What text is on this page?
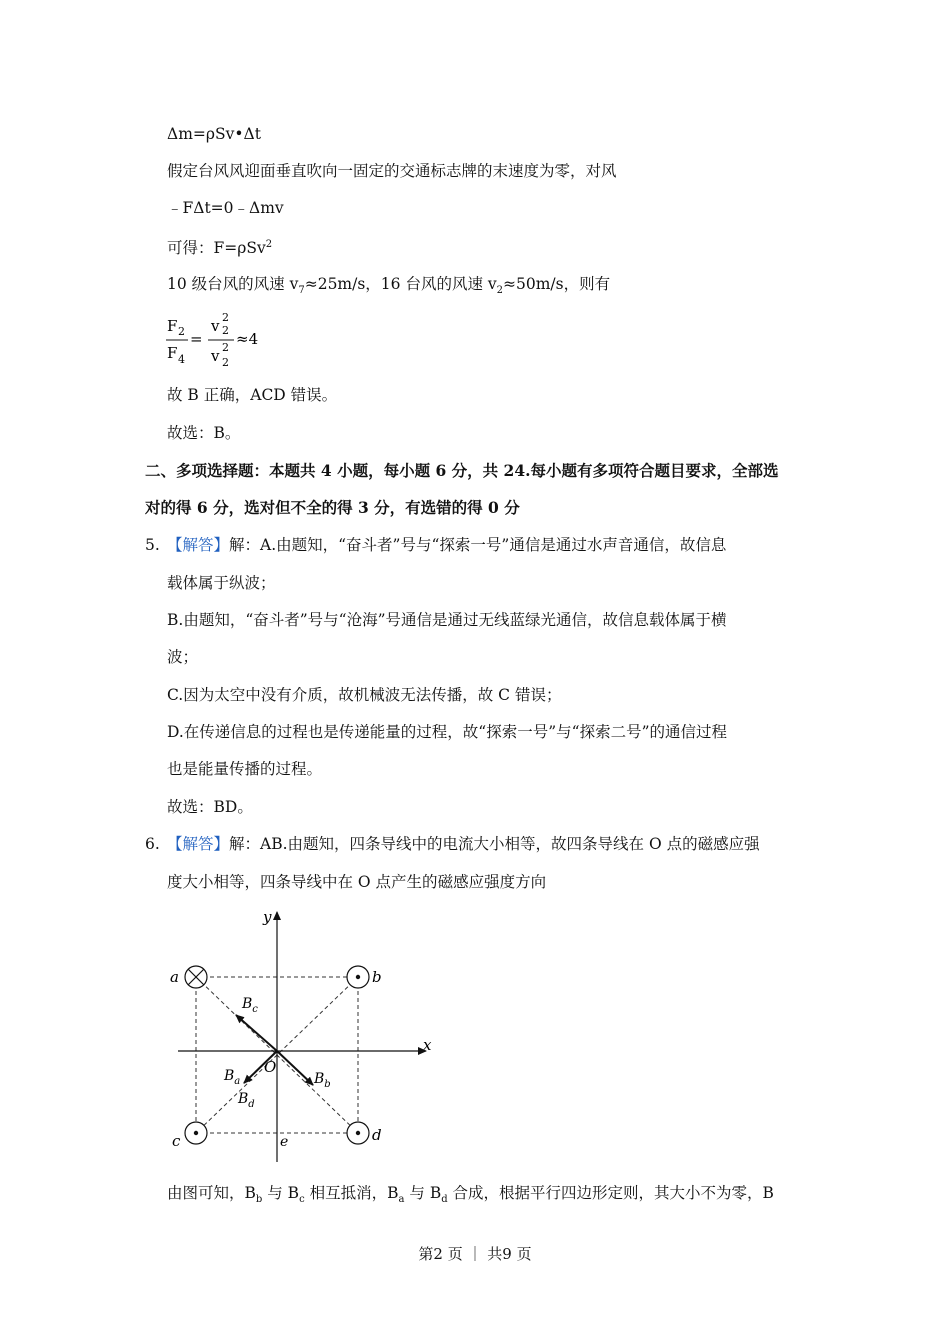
Δm=ρSv•Δt
假定台风风迎面垂直吹向一固定的交通标志牌的末速度为零，对风
﹣FΔt=0﹣Δmv
可得：F=ρSv$^2$
10 级台风的风速 $v_7\approx 25m/s$，16 台风的风速 $v_2\approx 50m/s$，则有
F 2
F 4
=
v 2
2
v 2
2
≈4
故 B 正确，ACD 错误。
故选：B。
二、多项选择题：本题共 4 小题，每小题 6 分，共 24.每小题有多项符合题目要求，全部选
对的得 6 分，选对但不全的得 3 分，有选错的得 0 分
5. 【解答】解：A.由题知，“奋斗者”号与“探索一号”通信是通过水声音通信，故信息
载体属于纵波；
B.由题知，“奋斗者”号与“沧海”号通信是通过无线蓝绿光通信，故信息载体属于横
波；
C.因为太空中没有介质，故机械波无法传播，故 C 错误；
D.在传递信息的过程也是传递能量的过程，故“探索一号”与“探索二号”的通信过程
也是能量传播的过程。
故选：BD。
6. 【解答】解：AB.由题知，四条导线中的电流大小相等，故四条导线在 O 点的磁感应强
度大小相等，四条导线中在 O 点产生的磁感应强度方向
x
y
O
a	b
c	d
e
$B_c$
$B_a$
$B_d$
$B_b$
由图可知，$B_b$ 与 $B_c$ 相互抵消，$B_a$ 与 $B_d$ 合成，根据平行四边形定则，其大小不为零，B
第2 页 ｜ 共9 页
